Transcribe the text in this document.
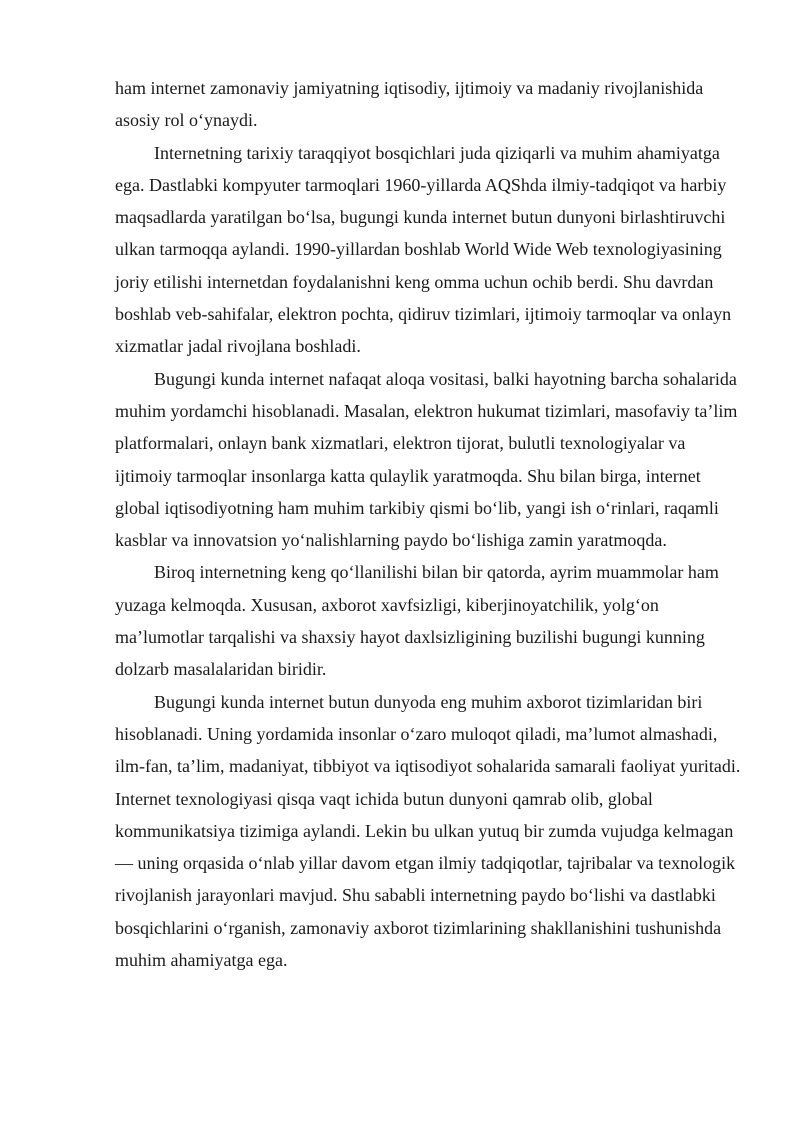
ham internet zamonaviy jamiyatning iqtisodiy, ijtimoiy va madaniy rivojlanishida asosiy rol o‘ynaydi.

Internetning tarixiy taraqqiyot bosqichlari juda qiziqarli va muhim ahamiyatga ega. Dastlabki kompyuter tarmoqlari 1960-yillarda AQShda ilmiy-tadqiqot va harbiy maqsadlarda yaratilgan bo‘lsa, bugungi kunda internet butun dunyoni birlashtiruvchi ulkan tarmoqqa aylandi. 1990-yillardan boshlab World Wide Web texnologiyasining joriy etilishi internetdan foydalanishni keng omma uchun ochib berdi. Shu davrdan boshlab veb-sahifalar, elektron pochta, qidiruv tizimlari, ijtimoiy tarmoqlar va onlayn xizmatlar jadal rivojlana boshladi.

Bugungi kunda internet nafaqat aloqa vositasi, balki hayotning barcha sohalarida muhim yordamchi hisoblanadi. Masalan, elektron hukumat tizimlari, masofaviy ta’lim platformalari, onlayn bank xizmatlari, elektron tijorat, bulutli texnologiyalar va ijtimoiy tarmoqlar insonlarga katta qulaylik yaratmoqda. Shu bilan birga, internet global iqtisodiyotning ham muhim tarkibiy qismi bo‘lib, yangi ish o‘rinlari, raqamli kasblar va innovatsion yo‘nalishlarning paydo bo‘lishiga zamin yaratmoqda.

Biroq internetning keng qo‘llanilishi bilan bir qatorda, ayrim muammolar ham yuzaga kelmoqda. Xususan, axborot xavfsizligi, kiberjinoyatchilik, yolg‘on ma’lumotlar tarqalishi va shaxsiy hayot daxlsizligining buzilishi bugungi kunning dolzarb masalalaridan biridir.

Bugungi kunda internet butun dunyoda eng muhim axborot tizimlaridan biri hisoblanadi. Uning yordamida insonlar o‘zaro muloqot qiladi, ma’lumot almashadi, ilm-fan, ta’lim, madaniyat, tibbiyot va iqtisodiyot sohalarida samarali faoliyat yuritadi. Internet texnologiyasi qisqa vaqt ichida butun dunyoni qamrab olib, global kommunikatsiya tizimiga aylandi. Lekin bu ulkan yutuq bir zumda vujudga kelmagan — uning orqasida o‘nlab yillar davom etgan ilmiy tadqiqotlar, tajribalar va texnologik rivojlanish jarayonlari mavjud. Shu sababli internetning paydo bo‘lishi va dastlabki bosqichlarini o‘rganish, zamonaviy axborot tizimlarining shakllanishini tushunishda muhim ahamiyatga ega.
